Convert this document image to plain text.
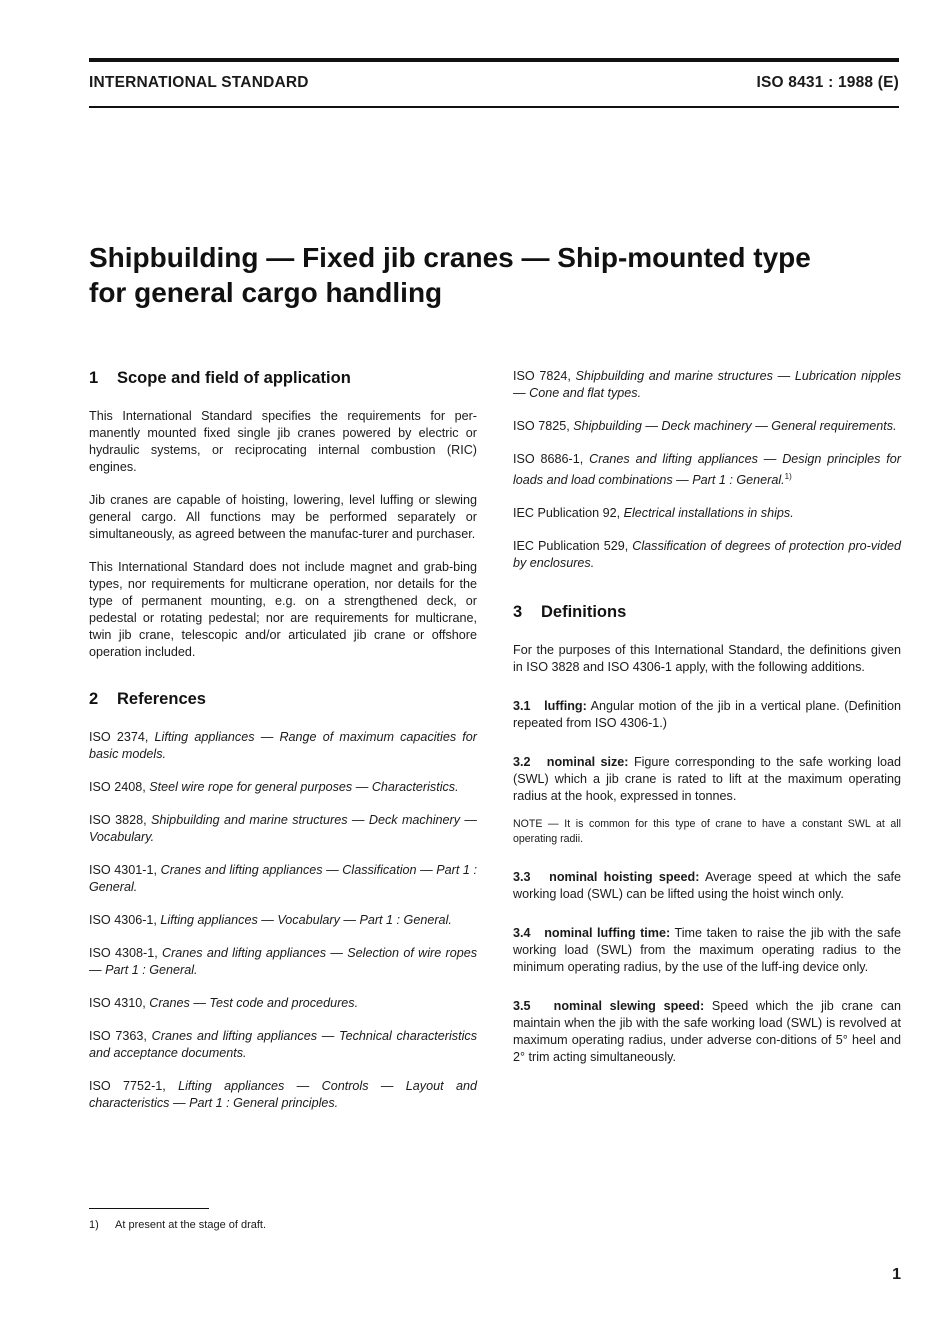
INTERNATIONAL STANDARD	ISO 8431 : 1988 (E)
Shipbuilding — Fixed jib cranes — Ship-mounted type
for general cargo handling
1 Scope and field of application

This International Standard specifies the requirements for per-manently mounted fixed single jib cranes powered by electric or hydraulic systems, or reciprocating internal combustion (RIC) engines.

Jib cranes are capable of hoisting, lowering, level luffing or slewing general cargo. All functions may be performed separately or simultaneously, as agreed between the manufac-turer and purchaser.

This International Standard does not include magnet and grab-bing types, nor requirements for multicrane operation, nor details for the type of permanent mounting, e.g. on a strengthened deck, or pedestal or rotating pedestal; nor are requirements for multicrane, twin jib crane, telescopic and/or articulated jib crane or offshore operation included.

2 References

ISO 2374, Lifting appliances — Range of maximum capacities for basic models.

ISO 2408, Steel wire rope for general purposes — Characteristics.

ISO 3828, Shipbuilding and marine structures — Deck machinery — Vocabulary.

ISO 4301-1, Cranes and lifting appliances — Classification — Part 1 : General.

ISO 4306-1, Lifting appliances — Vocabulary — Part 1 : General.

ISO 4308-1, Cranes and lifting appliances — Selection of wire ropes — Part 1 : General.

ISO 4310, Cranes — Test code and procedures.

ISO 7363, Cranes and lifting appliances — Technical characteristics and acceptance documents.

ISO 7752-1, Lifting appliances — Controls — Layout and characteristics — Part 1 : General principles.

ISO 7824, Shipbuilding and marine structures — Lubrication nipples — Cone and flat types.

ISO 7825, Shipbuilding — Deck machinery — General requirements.

ISO 8686-1, Cranes and lifting appliances — Design principles for loads and load combinations — Part 1 : General.$^{1)}$

IEC Publication 92, Electrical installations in ships.

IEC Publication 529, Classification of degrees of protection pro-vided by enclosures.

3 Definitions

For the purposes of this International Standard, the definitions given in ISO 3828 and ISO 4306-1 apply, with the following additions.

3.1 luffing: Angular motion of the jib in a vertical plane. (Definition repeated from ISO 4306-1.)

3.2 nominal size: Figure corresponding to the safe working load (SWL) which a jib crane is rated to lift at the maximum operating radius at the hook, expressed in tonnes.

NOTE — It is common for this type of crane to have a constant SWL at all operating radii.

3.3 nominal hoisting speed: Average speed at which the safe working load (SWL) can be lifted using the hoist winch only.

3.4 nominal luffing time: Time taken to raise the jib with the safe working load (SWL) from the maximum operating radius to the minimum operating radius, by the use of the luff-ing device only.

3.5 nominal slewing speed: Speed which the jib crane can maintain when the jib with the safe working load (SWL) is revolved at maximum operating radius, under adverse con-ditions of 5° heel and 2° trim acting simultaneously.

1) At present at the stage of draft.
1
